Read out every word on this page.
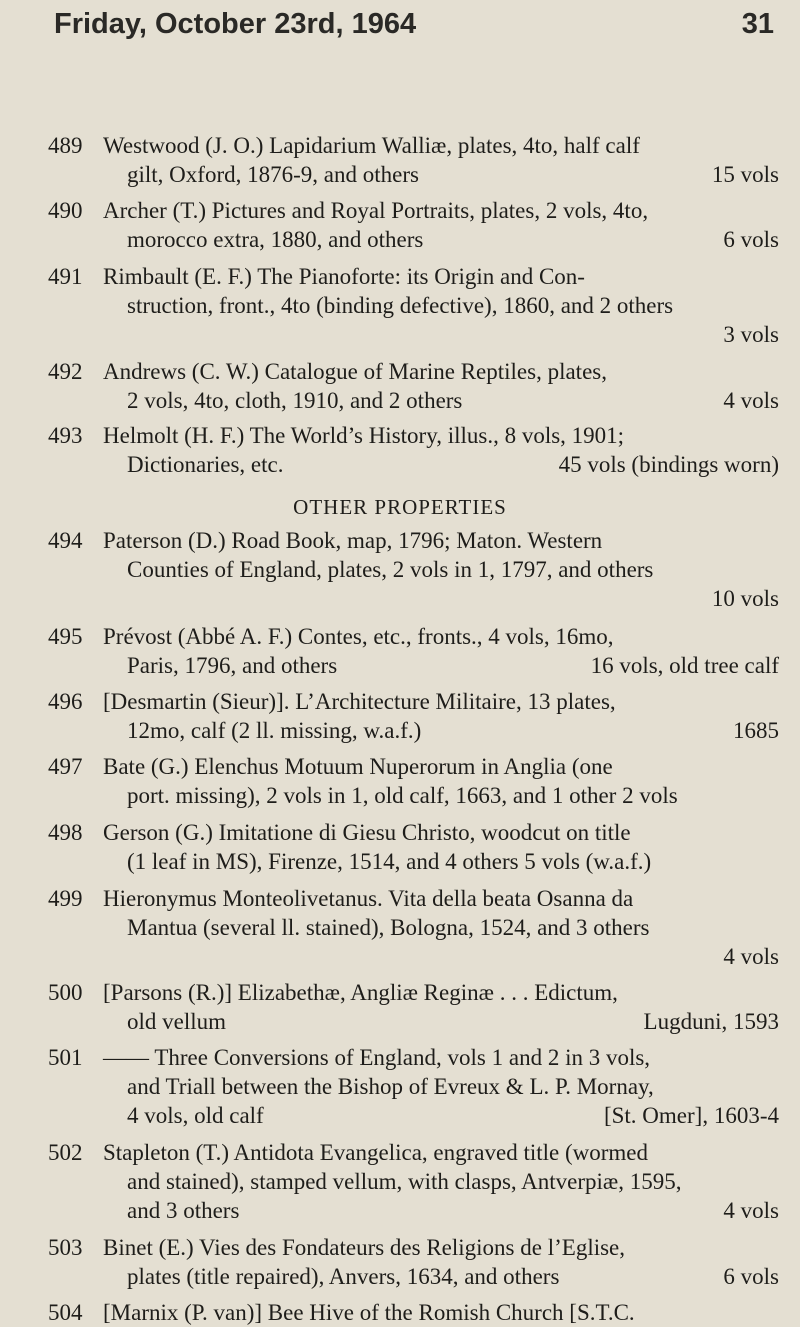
Friday, October 23rd, 1964	31
489 Westwood (J. O.) Lapidarium Walliæ, plates, 4to, half calf
gilt, Oxford, 1876-9, and others	15 vols
490 Archer (T.) Pictures and Royal Portraits, plates, 2 vols, 4to,
morocco extra, 1880, and others	6 vols
491 Rimbault (E. F.) The Pianoforte: its Origin and Con-
struction, front., 4to (binding defective), 1860, and 2 others
3 vols

492 Andrews (C. W.) Catalogue of Marine Reptiles, plates,
2 vols, 4to, cloth, 1910, and 2 others	4 vols
493 Helmolt (H. F.) The World’s History, illus., 8 vols, 1901;
Dictionaries, etc.	45 vols (bindings worn)
OTHER PROPERTIES
494 Paterson (D.) Road Book, map, 1796; Maton. Western
Counties of England, plates, 2 vols in 1, 1797, and others
10 vols

495 Prévost (Abbé A. F.) Contes, etc., fronts., 4 vols, 16mo,
Paris, 1796, and others	16 vols, old tree calf
496 [Desmartin (Sieur)]. L’Architecture Militaire, 13 plates,
12mo, calf (2 ll. missing, w.a.f.)	1685
497 Bate (G.) Elenchus Motuum Nuperorum in Anglia (one
port. missing), 2 vols in 1, old calf, 1663, and 1 other 2 vols
498 Gerson (G.) Imitatione di Giesu Christo, woodcut on title
(1 leaf in MS), Firenze, 1514, and 4 others 5 vols (w.a.f.)
499 Hieronymus Monteolivetanus. Vita della beata Osanna da
Mantua (several ll. stained), Bologna, 1524, and 3 others
4 vols

500 [Parsons (R.)] Elizabethæ, Angliæ Reginæ . . . Edictum,
old vellum	Lugduni, 1593
501 —— Three Conversions of England, vols 1 and 2 in 3 vols,
and Triall between the Bishop of Evreux & L. P. Mornay,
4 vols, old calf	[St. Omer], 1603-4
502 Stapleton (T.) Antidota Evangelica, engraved title (wormed
and stained), stamped vellum, with clasps, Antverpiæ, 1595,
and 3 others	4 vols
503 Binet (E.) Vies des Fondateurs des Religions de l’Eglise,
plates (title repaired), Anvers, 1634, and others	6 vols
504 [Marnix (P. van)] Bee Hive of the Romish Church [S.T.C.
